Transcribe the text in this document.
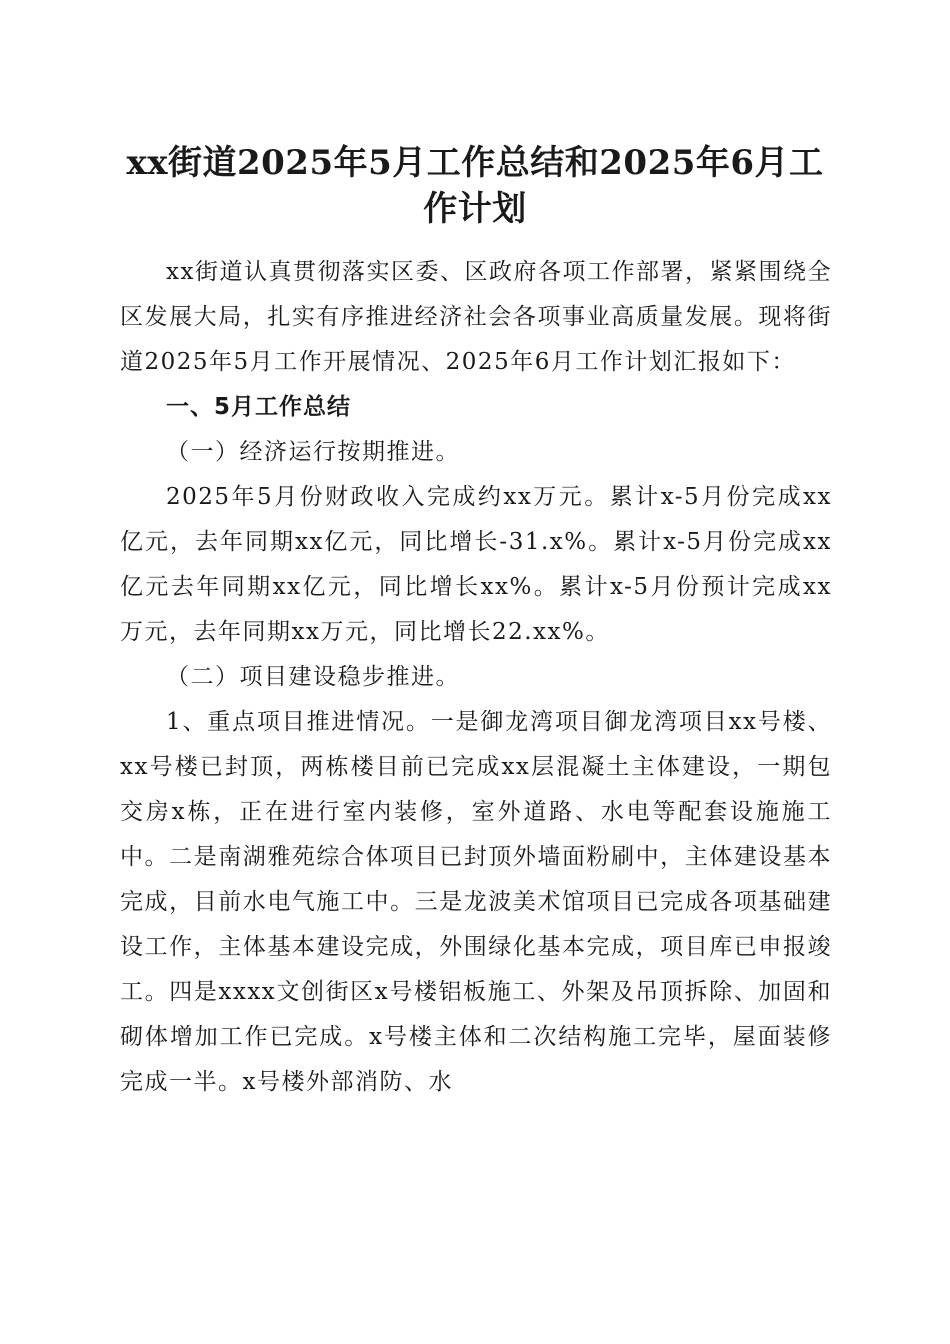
xx街道2025年5月工作总结和2025年6月工
作计划

xx街道认真贯彻落实区委、区政府各项工作部署，紧紧围绕全区发展大局，扎实有序推进经济社会各项事业高质量发展。现将街道2025年5月工作开展情况、2025年6月工作计划汇报如下：

一、5月工作总结

（一）经济运行按期推进。

2025年5月份财政收入完成约xx万元。累计x-5月份完成xx亿元，去年同期xx亿元，同比增长-31.x%。累计x-5月份完成xx亿元去年同期xx亿元，同比增长xx%。累计x-5月份预计完成xx万元，去年同期xx万元，同比增长22.xx%。

（二）项目建设稳步推进。

1、重点项目推进情况。一是御龙湾项目御龙湾项目xx号楼、xx号楼已封顶，两栋楼目前已完成xx层混凝土主体建设，一期包交房x栋，正在进行室内装修，室外道路、水电等配套设施施工中。二是南湖雅苑综合体项目已封顶外墙面粉刷中，主体建设基本完成，目前水电气施工中。三是龙波美术馆项目已完成各项基础建设工作，主体基本建设完成，外围绿化基本完成，项目库已申报竣工。四是xxxx文创街区x号楼铝板施工、外架及吊顶拆除、加固和砌体增加工作已完成。x号楼主体和二次结构施工完毕，屋面装修完成一半。x号楼外部消防、水
